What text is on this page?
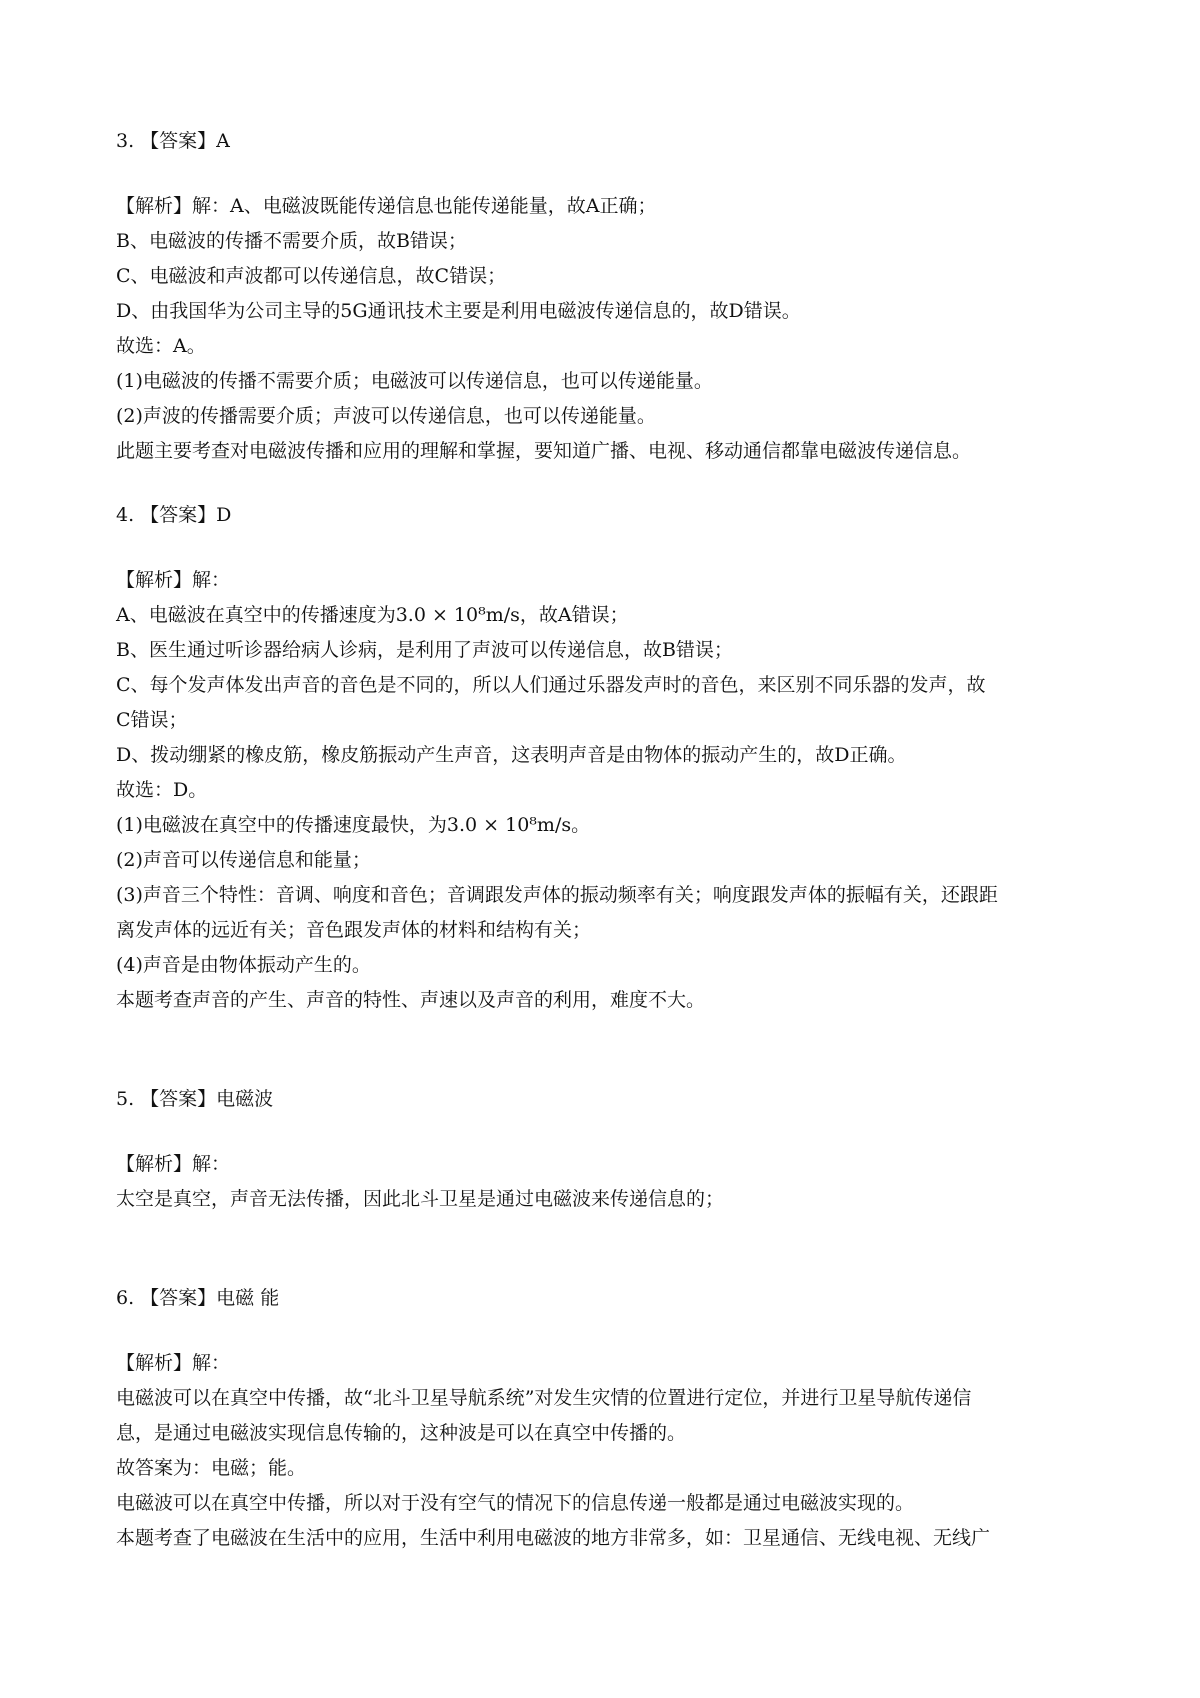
3. 【答案】A
【解析】解：A、电磁波既能传递信息也能传递能量，故A正确；
B、电磁波的传播不需要介质，故B错误；
C、电磁波和声波都可以传递信息，故C错误；
D、由我国华为公司主导的5G通讯技术主要是利用电磁波传递信息的，故D错误。
故选：A。
(1)电磁波的传播不需要介质；电磁波可以传递信息，也可以传递能量。
(2)声波的传播需要介质；声波可以传递信息，也可以传递能量。
此题主要考查对电磁波传播和应用的理解和掌握，要知道广播、电视、移动通信都靠电磁波传递信息。
4. 【答案】D
【解析】解：
A、电磁波在真空中的传播速度为3.0 × 10⁸m/s，故A错误；
B、医生通过听诊器给病人诊病，是利用了声波可以传递信息，故B错误；
C、每个发声体发出声音的音色是不同的，所以人们通过乐器发声时的音色，来区别不同乐器的发声，故
C错误；
D、拨动绷紧的橡皮筋，橡皮筋振动产生声音，这表明声音是由物体的振动产生的，故D正确。
故选：D。
(1)电磁波在真空中的传播速度最快，为3.0 × 10⁸m/s。
(2)声音可以传递信息和能量；
(3)声音三个特性：音调、响度和音色；音调跟发声体的振动频率有关；响度跟发声体的振幅有关，还跟距
离发声体的远近有关；音色跟发声体的材料和结构有关；
(4)声音是由物体振动产生的。
本题考查声音的产生、声音的特性、声速以及声音的利用，难度不大。
5. 【答案】电磁波
【解析】解：
太空是真空，声音无法传播，因此北斗卫星是通过电磁波来传递信息的；
6. 【答案】电磁 能
【解析】解：
电磁波可以在真空中传播，故“北斗卫星导航系统”对发生灾情的位置进行定位，并进行卫星导航传递信
息，是通过电磁波实现信息传输的，这种波是可以在真空中传播的。
故答案为：电磁；能。
电磁波可以在真空中传播，所以对于没有空气的情况下的信息传递一般都是通过电磁波实现的。
本题考查了电磁波在生活中的应用，生活中利用电磁波的地方非常多，如：卫星通信、无线电视、无线广
